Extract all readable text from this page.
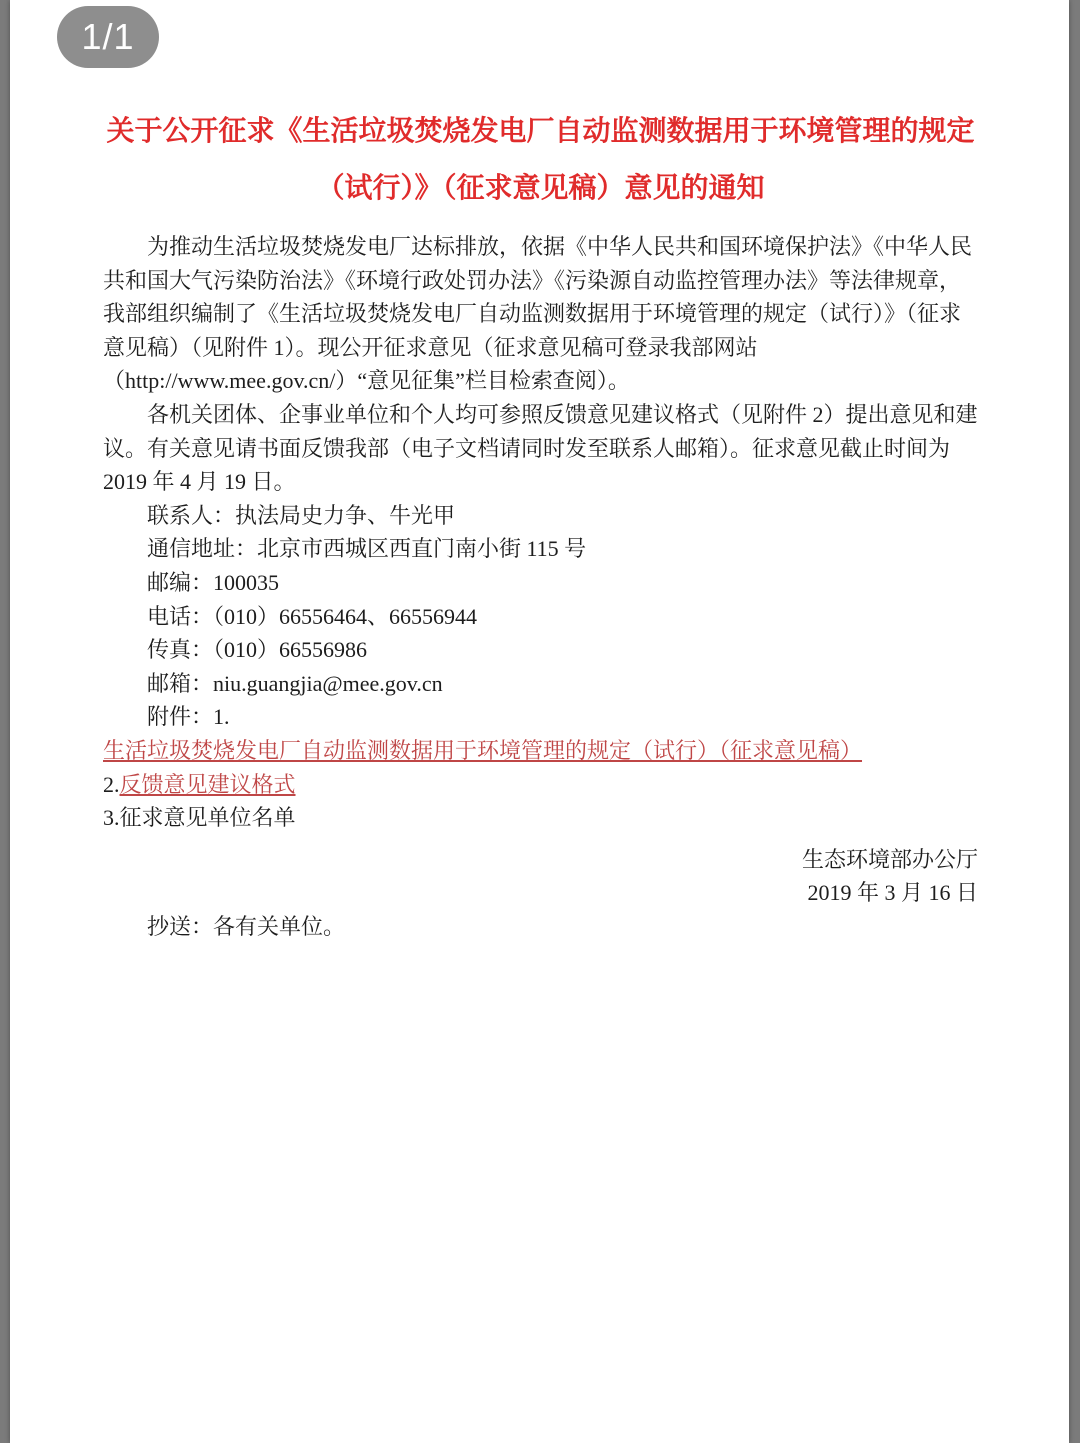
关于公开征求《生活垃圾焚烧发电厂自动监测数据用于环境管理的规定（试行）》（征求意见稿）意见的通知

为推动生活垃圾焚烧发电厂达标排放，依据《中华人民共和国环境保护法》《中华人民共和国大气污染防治法》《环境行政处罚办法》《污染源自动监控管理办法》等法律规章，我部组织编制了《生活垃圾焚烧发电厂自动监测数据用于环境管理的规定（试行）》（征求意见稿）（见附件 1）。现公开征求意见（征求意见稿可登录我部网站（http://www.mee.gov.cn/）“意见征集”栏目检索查阅）。

各机关团体、企事业单位和个人均可参照反馈意见建议格式（见附件 2）提出意见和建议。有关意见请书面反馈我部（电子文档请同时发至联系人邮箱）。征求意见截止时间为 2019 年 4 月 19 日。

联系人：执法局史力争、牛光甲

通信地址：北京市西城区西直门南小街 115 号

邮编：100035

电话：（010）66556464、66556944

传真：（010）66556986

邮箱：niu.guangjia@mee.gov.cn

附件：1.生活垃圾焚烧发电厂自动监测数据用于环境管理的规定（试行）（征求意见稿）

2.反馈意见建议格式

3.征求意见单位名单

生态环境部办公厅

2019 年 3 月 16 日

抄送：各有关单位。

1/1
